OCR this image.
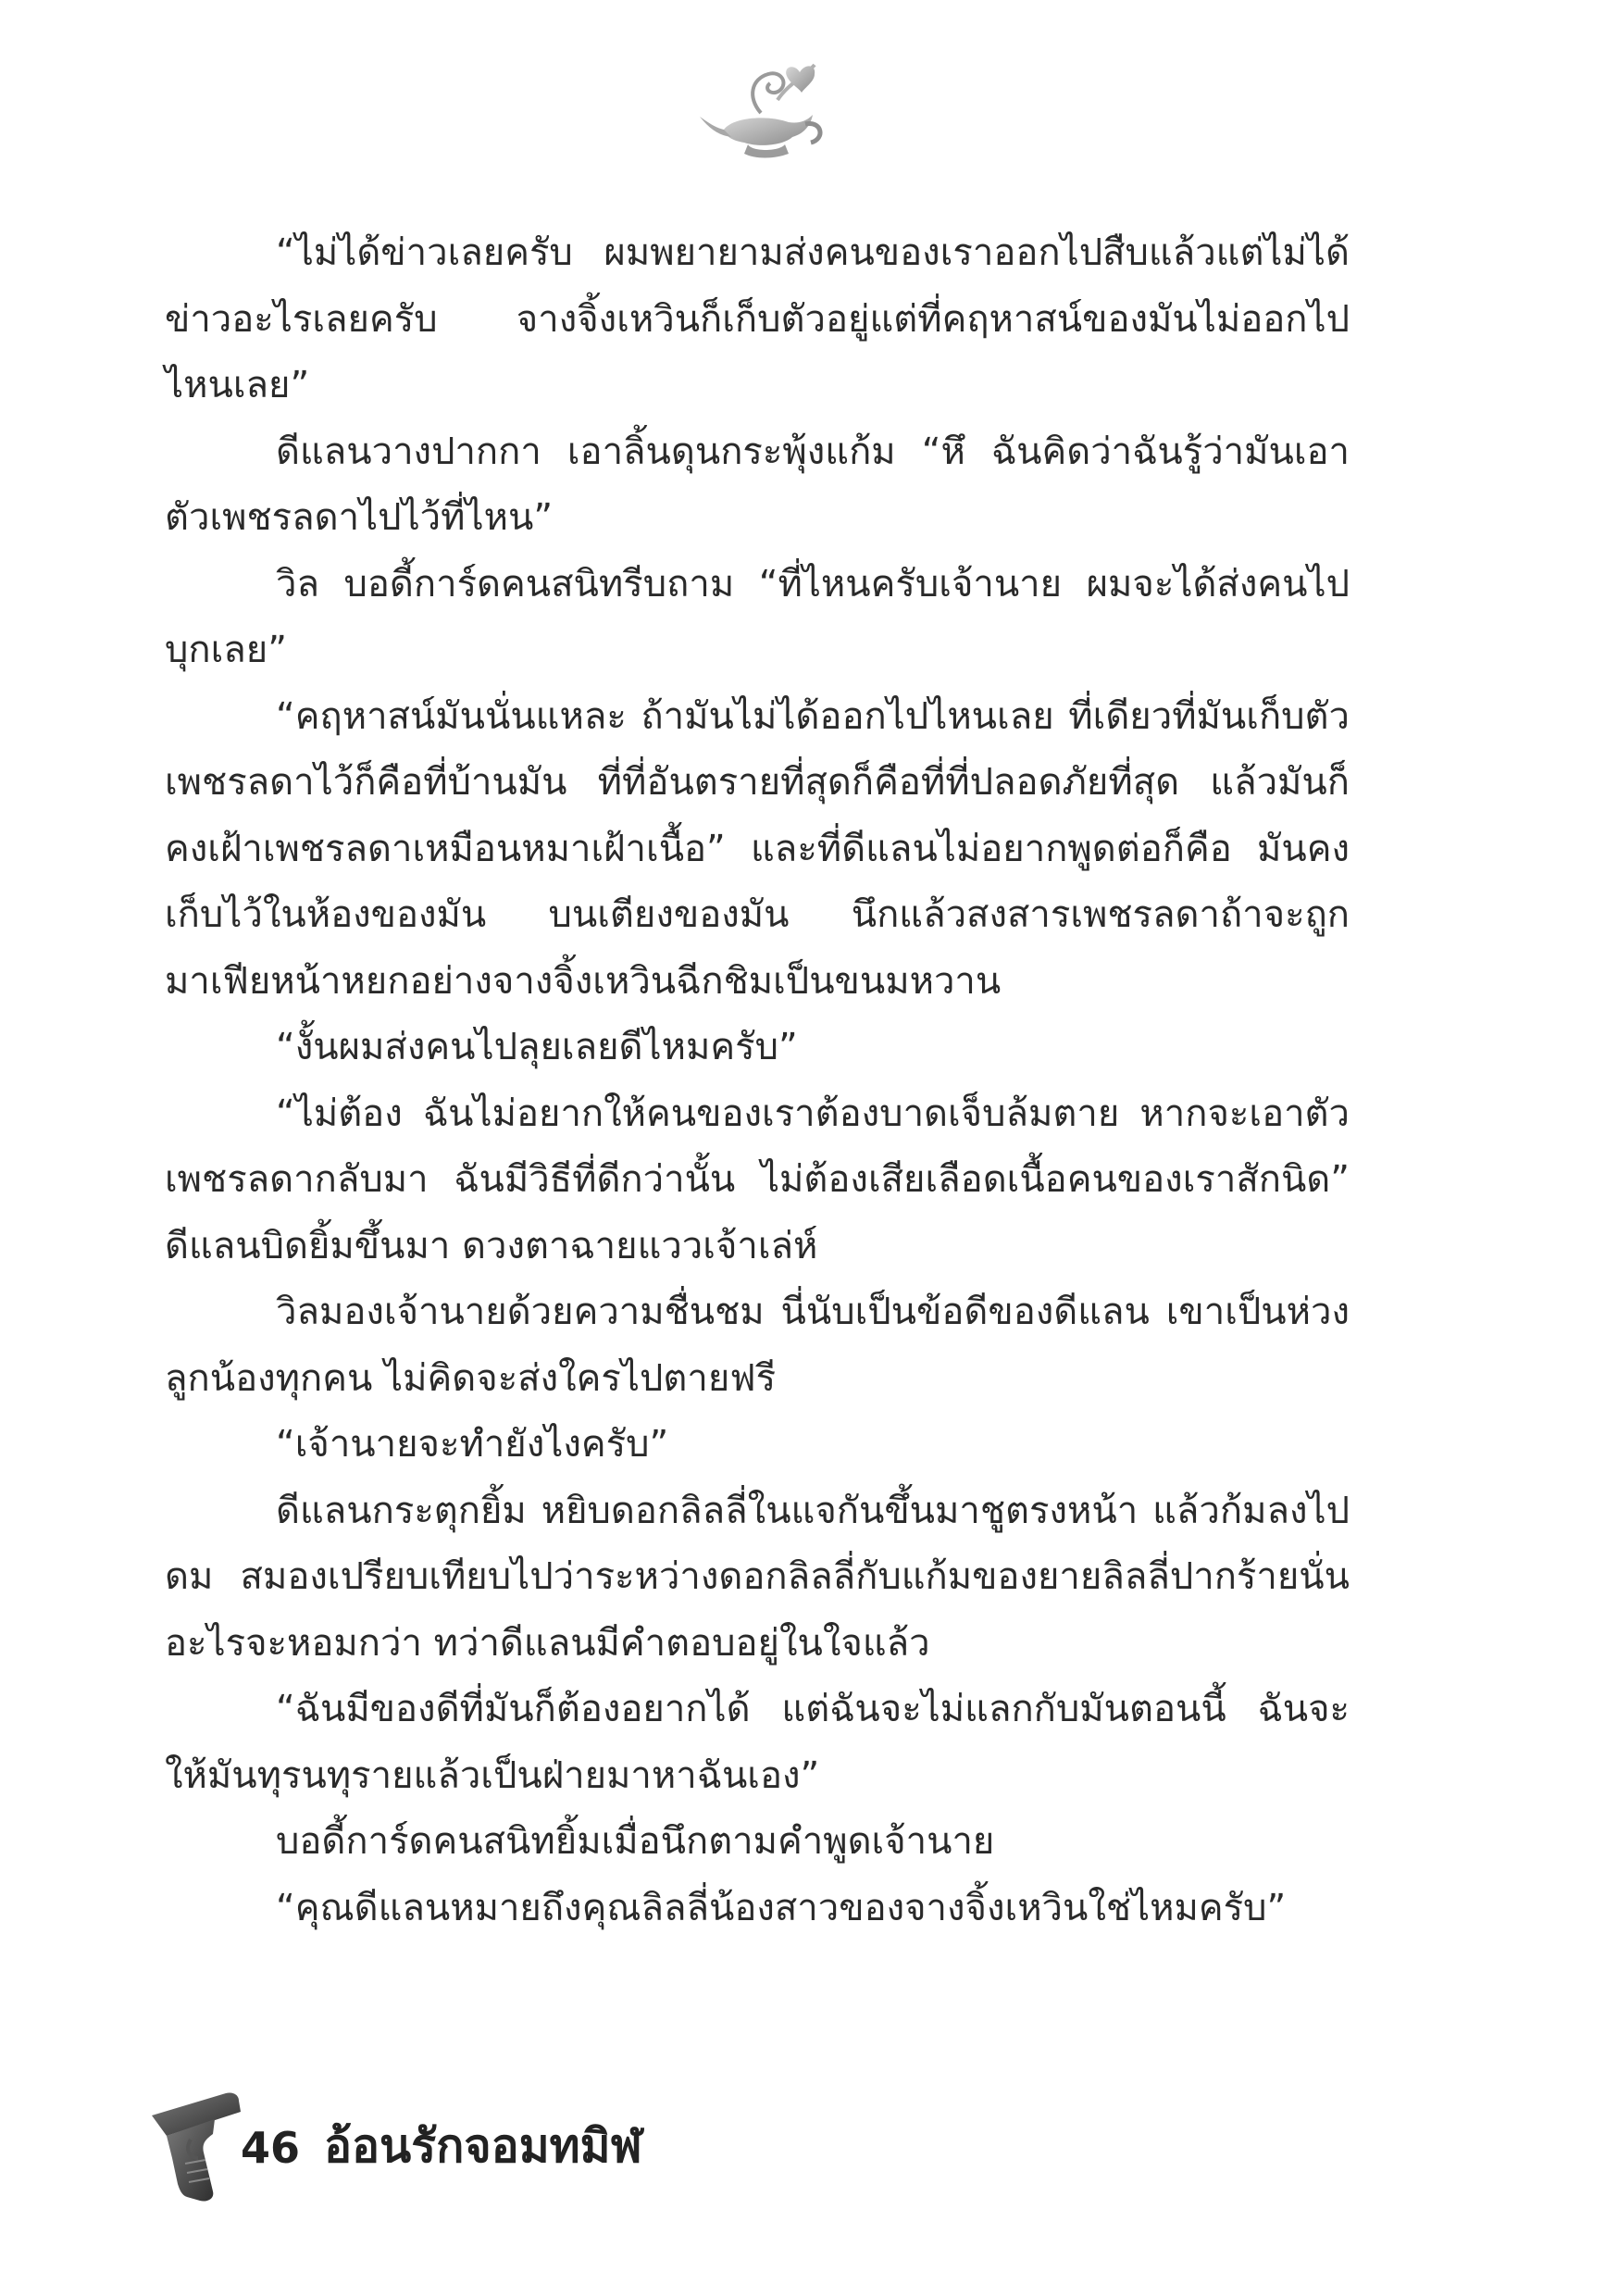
“ไม่ได้ข่าวเลยครับ ผมพยายามส่งคนของเราออกไปสืบแล้วแต่ไม่ได้ข่าวอะไรเลยครับ จางจิ้งเหวินก็เก็บตัวอยู่แต่ที่คฤหาสน์ของมันไม่ออกไปไหนเลย”

ดีแลนวางปากกา เอาลิ้นดุนกระพุ้งแก้ม “หึ ฉันคิดว่าฉันรู้ว่ามันเอาตัวเพชรลดาไปไว้ที่ไหน”

วิล บอดี้การ์ดคนสนิทรีบถาม “ที่ไหนครับเจ้านาย ผมจะได้ส่งคนไปบุกเลย”

“คฤหาสน์มันนั่นแหละ ถ้ามันไม่ได้ออกไปไหนเลย ที่เดียวที่มันเก็บตัวเพชรลดาไว้ก็คือที่บ้านมัน ที่ที่อันตรายที่สุดก็คือที่ที่ปลอดภัยที่สุด แล้วมันก็คงเฝ้าเพชรลดาเหมือนหมาเฝ้าเนื้อ” และที่ดีแลนไม่อยากพูดต่อก็คือ มันคงเก็บไว้ในห้องของมัน บนเตียงของมัน นึกแล้วสงสารเพชรลดาถ้าจะถูกมาเฟียหน้าหยกอย่างจางจิ้งเหวินฉีกชิมเป็นขนมหวาน

“งั้นผมส่งคนไปลุยเลยดีไหมครับ”

“ไม่ต้อง ฉันไม่อยากให้คนของเราต้องบาดเจ็บล้มตาย หากจะเอาตัวเพชรลดากลับมา ฉันมีวิธีที่ดีกว่านั้น ไม่ต้องเสียเลือดเนื้อคนของเราสักนิด” ดีแลนบิดยิ้มขึ้นมา ดวงตาฉายแววเจ้าเล่ห์

วิลมองเจ้านายด้วยความชื่นชม นี่นับเป็นข้อดีของดีแลน เขาเป็นห่วงลูกน้องทุกคน ไม่คิดจะส่งใครไปตายฟรี

“เจ้านายจะทำยังไงครับ”

ดีแลนกระตุกยิ้ม หยิบดอกลิลลี่ในแจกันขึ้นมาชูตรงหน้า แล้วก้มลงไปดม สมองเปรียบเทียบไปว่าระหว่างดอกลิลลี่กับแก้มของยายลิลลี่ปากร้ายนั่นอะไรจะหอมกว่า ทว่าดีแลนมีคำตอบอยู่ในใจแล้ว

“ฉันมีของดีที่มันก็ต้องอยากได้ แต่ฉันจะไม่แลกกับมันตอนนี้ ฉันจะให้มันทุรนทุรายแล้วเป็นฝ่ายมาหาฉันเอง”

บอดี้การ์ดคนสนิทยิ้มเมื่อนึกตามคำพูดเจ้านาย

“คุณดีแลนหมายถึงคุณลิลลี่น้องสาวของจางจิ้งเหวินใช่ไหมครับ”

46 อ้อนรักจอมทมิฬ
